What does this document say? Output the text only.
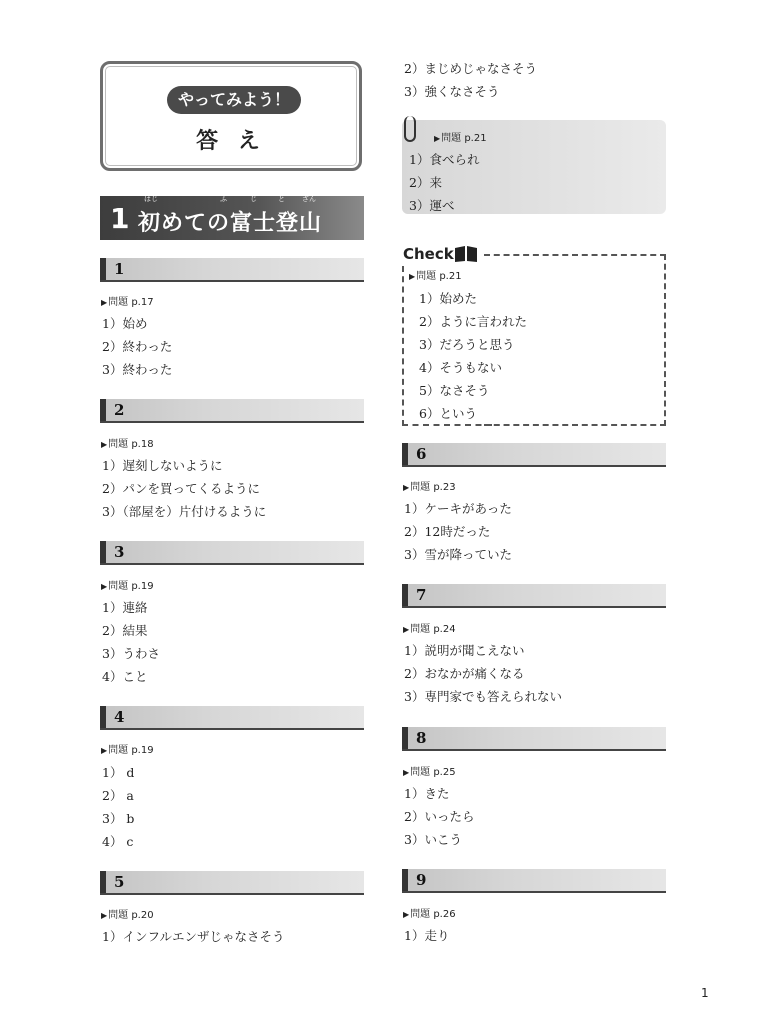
やってみよう！
答 え
1
はじ	ふ	じ	と ざん
初めての富士登山
1
▶問題 p.17
1）始め
2）終わった
3）終わった
2
▶問題 p.18
1）遅刻しないように
2）パンを買ってくるように
3）（部屋を）片付けるように
3
▶問題 p.19
1）連絡
2）結果
3）うわさ
4）こと
4
▶問題 p.19
1） d
2） a
3） b
4） c
5
▶問題 p.20
1）インフルエンザじゃなさそう
2）まじめじゃなさそう
3）強くなさそう
▶問題 p.21
1）食べられ
2）来
3）運べ
Check
▶問題 p.21
1）始めた
2）ように言われた
3）だろうと思う
4）そうもない
5）なさそう
6）という
6
▶問題 p.23
1）ケーキがあった
2）12時だった
3）雪が降っていた
7
▶問題 p.24
1）説明が聞こえない
2）おなかが痛くなる
3）専門家でも答えられない
8
▶問題 p.25
1）きた
2）いったら
3）いこう
9
▶問題 p.26
1）走り
1
